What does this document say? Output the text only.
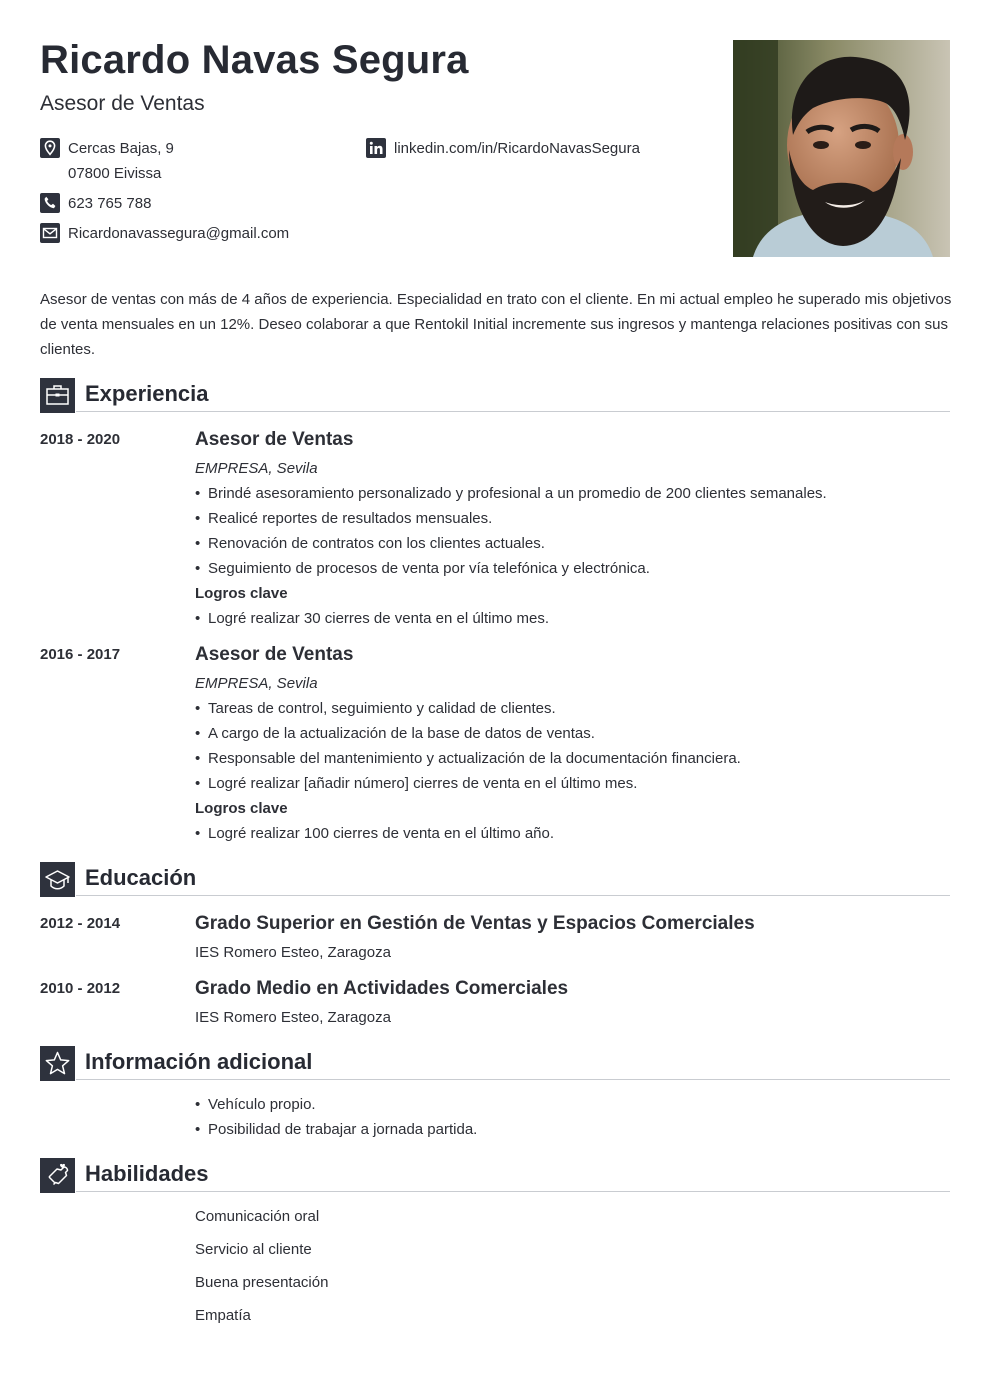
Ricardo Navas Segura
Asesor de Ventas
Cercas Bajas, 9
07800 Eivissa
623 765 788
Ricardonavassegura@gmail.com
linkedin.com/in/RicardoNavasSegura
Asesor de ventas con más de 4 años de experiencia. Especialidad en trato con el cliente. En mi actual empleo he superado mis objetivos de venta mensuales en un 12%. Deseo colaborar a que Rentokil Initial incremente sus ingresos y mantenga relaciones positivas con sus clientes.
Experiencia
2018 - 2020	Asesor de Ventas
EMPRESA, Sevila
• Brindé asesoramiento personalizado y profesional a un promedio de 200 clientes semanales.
• Realicé reportes de resultados mensuales.
• Renovación de contratos con los clientes actuales.
• Seguimiento de procesos de venta por vía telefónica y electrónica.
Logros clave
• Logré realizar 30 cierres de venta en el último mes.
2016 - 2017	Asesor de Ventas
EMPRESA, Sevila
• Tareas de control, seguimiento y calidad de clientes.
• A cargo de la actualización de la base de datos de ventas.
• Responsable del mantenimiento y actualización de la documentación financiera.
• Logré realizar [añadir número] cierres de venta en el último mes.
Logros clave
• Logré realizar 100 cierres de venta en el último año.
Educación
2012 - 2014	Grado Superior en Gestión de Ventas y Espacios Comerciales
IES Romero Esteo, Zaragoza
2010 - 2012	Grado Medio en Actividades Comerciales
IES Romero Esteo, Zaragoza
Información adicional
• Vehículo propio.
• Posibilidad de trabajar a jornada partida.
Habilidades
Comunicación oral
Servicio al cliente
Buena presentación
Empatía
